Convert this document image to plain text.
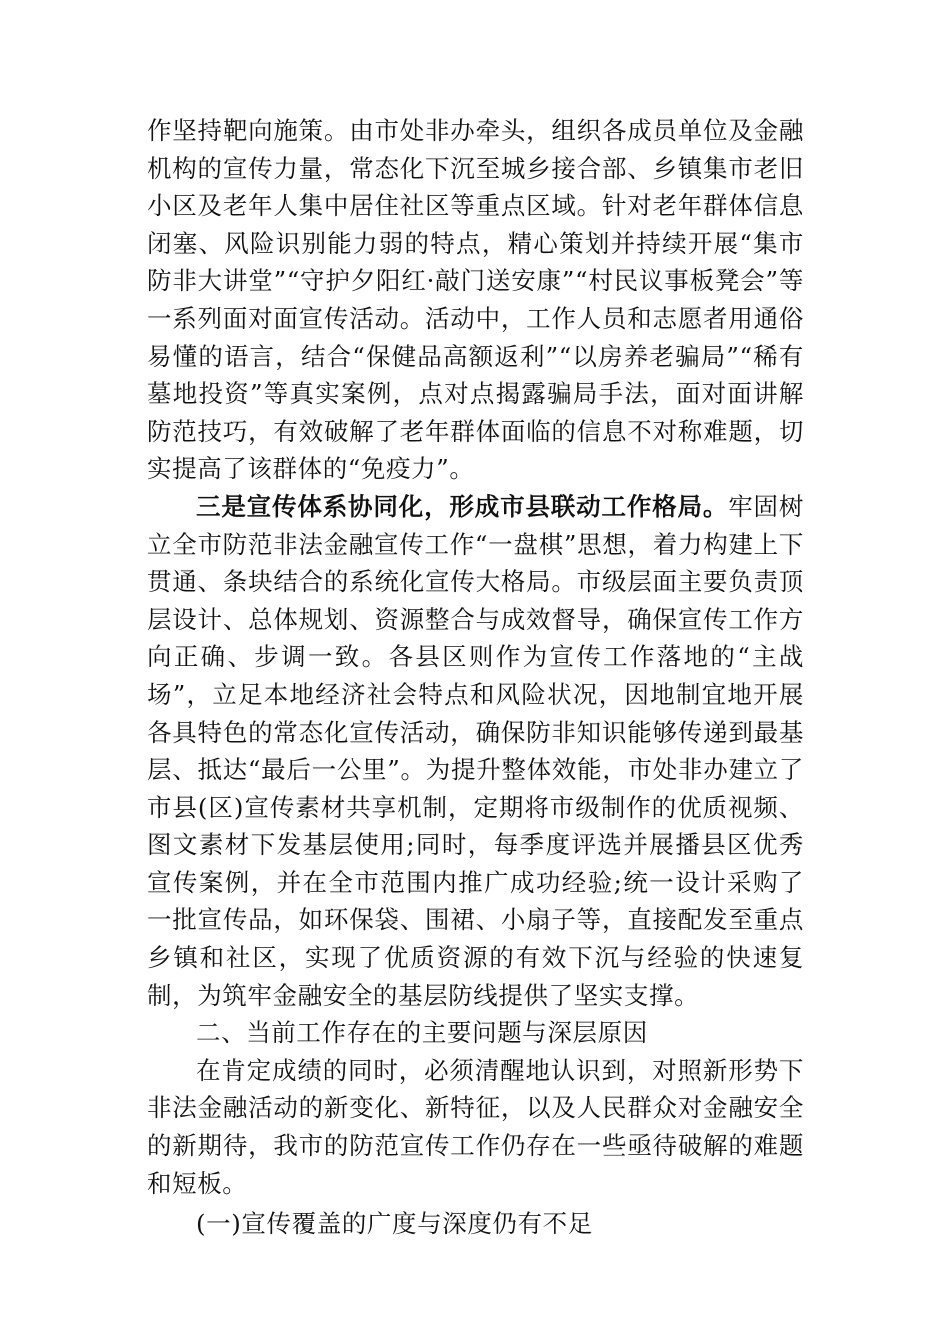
作坚持靶向施策。由市处非办牵头，组织各成员单位及金融机构的宣传力量，常态化下沉至城乡接合部、乡镇集市老旧小区及老年人集中居住社区等重点区域。针对老年群体信息闭塞、风险识别能力弱的特点，精心策划并持续开展“集市防非大讲堂”“守护夕阳红·敲门送安康”“村民议事板凳会”等一系列面对面宣传活动。活动中，工作人员和志愿者用通俗易懂的语言，结合“保健品高额返利”“以房养老骗局”“稀有墓地投资”等真实案例，点对点揭露骗局手法，面对面讲解防范技巧，有效破解了老年群体面临的信息不对称难题，切实提高了该群体的“免疫力”。

三是宣传体系协同化，形成市县联动工作格局。牢固树立全市防范非法金融宣传工作“一盘棋”思想，着力构建上下贯通、条块结合的系统化宣传大格局。市级层面主要负责顶层设计、总体规划、资源整合与成效督导，确保宣传工作方向正确、步调一致。各县区则作为宣传工作落地的“主战场”，立足本地经济社会特点和风险状况，因地制宜地开展各具特色的常态化宣传活动，确保防非知识能够传递到最基层、抵达“最后一公里”。为提升整体效能，市处非办建立了市县(区)宣传素材共享机制，定期将市级制作的优质视频、图文素材下发基层使用;同时，每季度评选并展播县区优秀宣传案例，并在全市范围内推广成功经验;统一设计采购了一批宣传品，如环保袋、围裙、小扇子等，直接配发至重点乡镇和社区，实现了优质资源的有效下沉与经验的快速复制，为筑牢金融安全的基层防线提供了坚实支撑。

二、当前工作存在的主要问题与深层原因

在肯定成绩的同时，必须清醒地认识到，对照新形势下非法金融活动的新变化、新特征，以及人民群众对金融安全的新期待，我市的防范宣传工作仍存在一些亟待破解的难题和短板。

(一)宣传覆盖的广度与深度仍有不足
